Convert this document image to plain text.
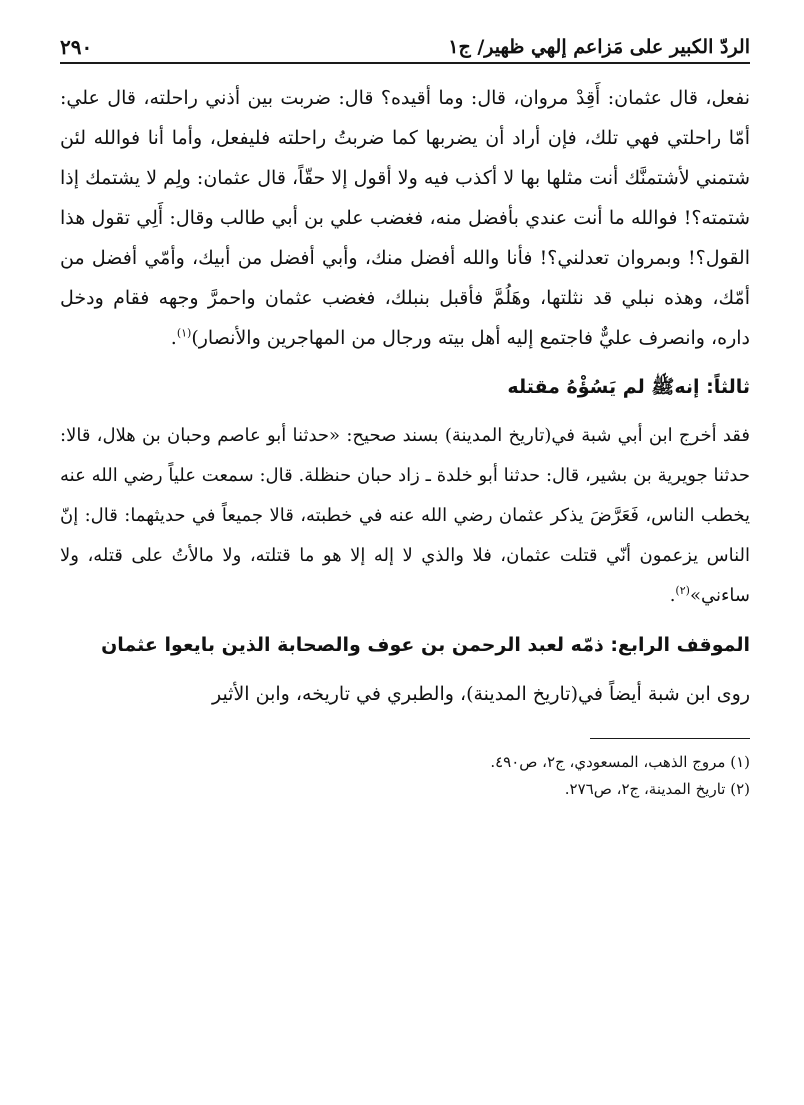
الردّ الكبير على مَزاعم إلهي ظهير/ ج١
٢٩٠

نفعل، قال عثمان: أَقِدْ مروان، قال: وما أقيده؟ قال: ضربت بين أذني راحلته، قال علي: أمّا راحلتي فهي تلك، فإن أراد أن يضربها كما ضربتُ راحلته فليفعل، وأما أنا فوالله لئن شتمني لأشتمنَّك أنت مثلها بها لا أكذب فيه ولا أقول إلا حقّاً، قال عثمان: ولِم لا يشتمك إذا شتمته؟! فوالله ما أنت عندي بأفضل منه، فغضب علي بن أبي طالب وقال: أَلِي تقول هذا القول؟! وبمروان تعدلني؟! فأنا والله أفضل منك، وأبي أفضل من أبيك، وأمّي أفضل من أمّك، وهذه نبلي قد نثلتها، وهَلُمَّ فأقبل بنبلك، فغضب عثمان واحمرَّ وجهه فقام ودخل داره، وانصرف عليٌّ فاجتمع إليه أهل بيته ورجال من المهاجرين والأنصار)$^{(١)}$.

ثالثاً: إنهﷺ لم يَسُؤْهُ مقتله

فقد أخرج ابن أبي شبة في(تاريخ المدينة) بسند صحيح: «حدثنا أبو عاصم وحبان بن هلال، قالا: حدثنا جويرية بن بشير، قال: حدثنا أبو خلدة ـ زاد حبان حنظلة. قال: سمعت علياً رضي الله عنه يخطب الناس، فَعَرَّضَ يذكر عثمان رضي الله عنه في خطبته، قالا جميعاً في حديثهما: قال: إنّ الناس يزعمون أنّي قتلت عثمان، فلا والذي لا إله إلا هو ما قتلته، ولا مالأتُ على قتله، ولا ساءني»$^{(٢)}$.

الموقف الرابع: ذمّه لعبد الرحمن بن عوف والصحابة الذين بايعوا عثمان

روى ابن شبة أيضاً في(تاريخ المدينة)، والطبري في تاريخه، وابن الأثير

(١) مروج الذهب، المسعودي، ج٢، ص٤٩٠.

(٢) تاريخ المدينة، ج٢، ص٢٧٦.
